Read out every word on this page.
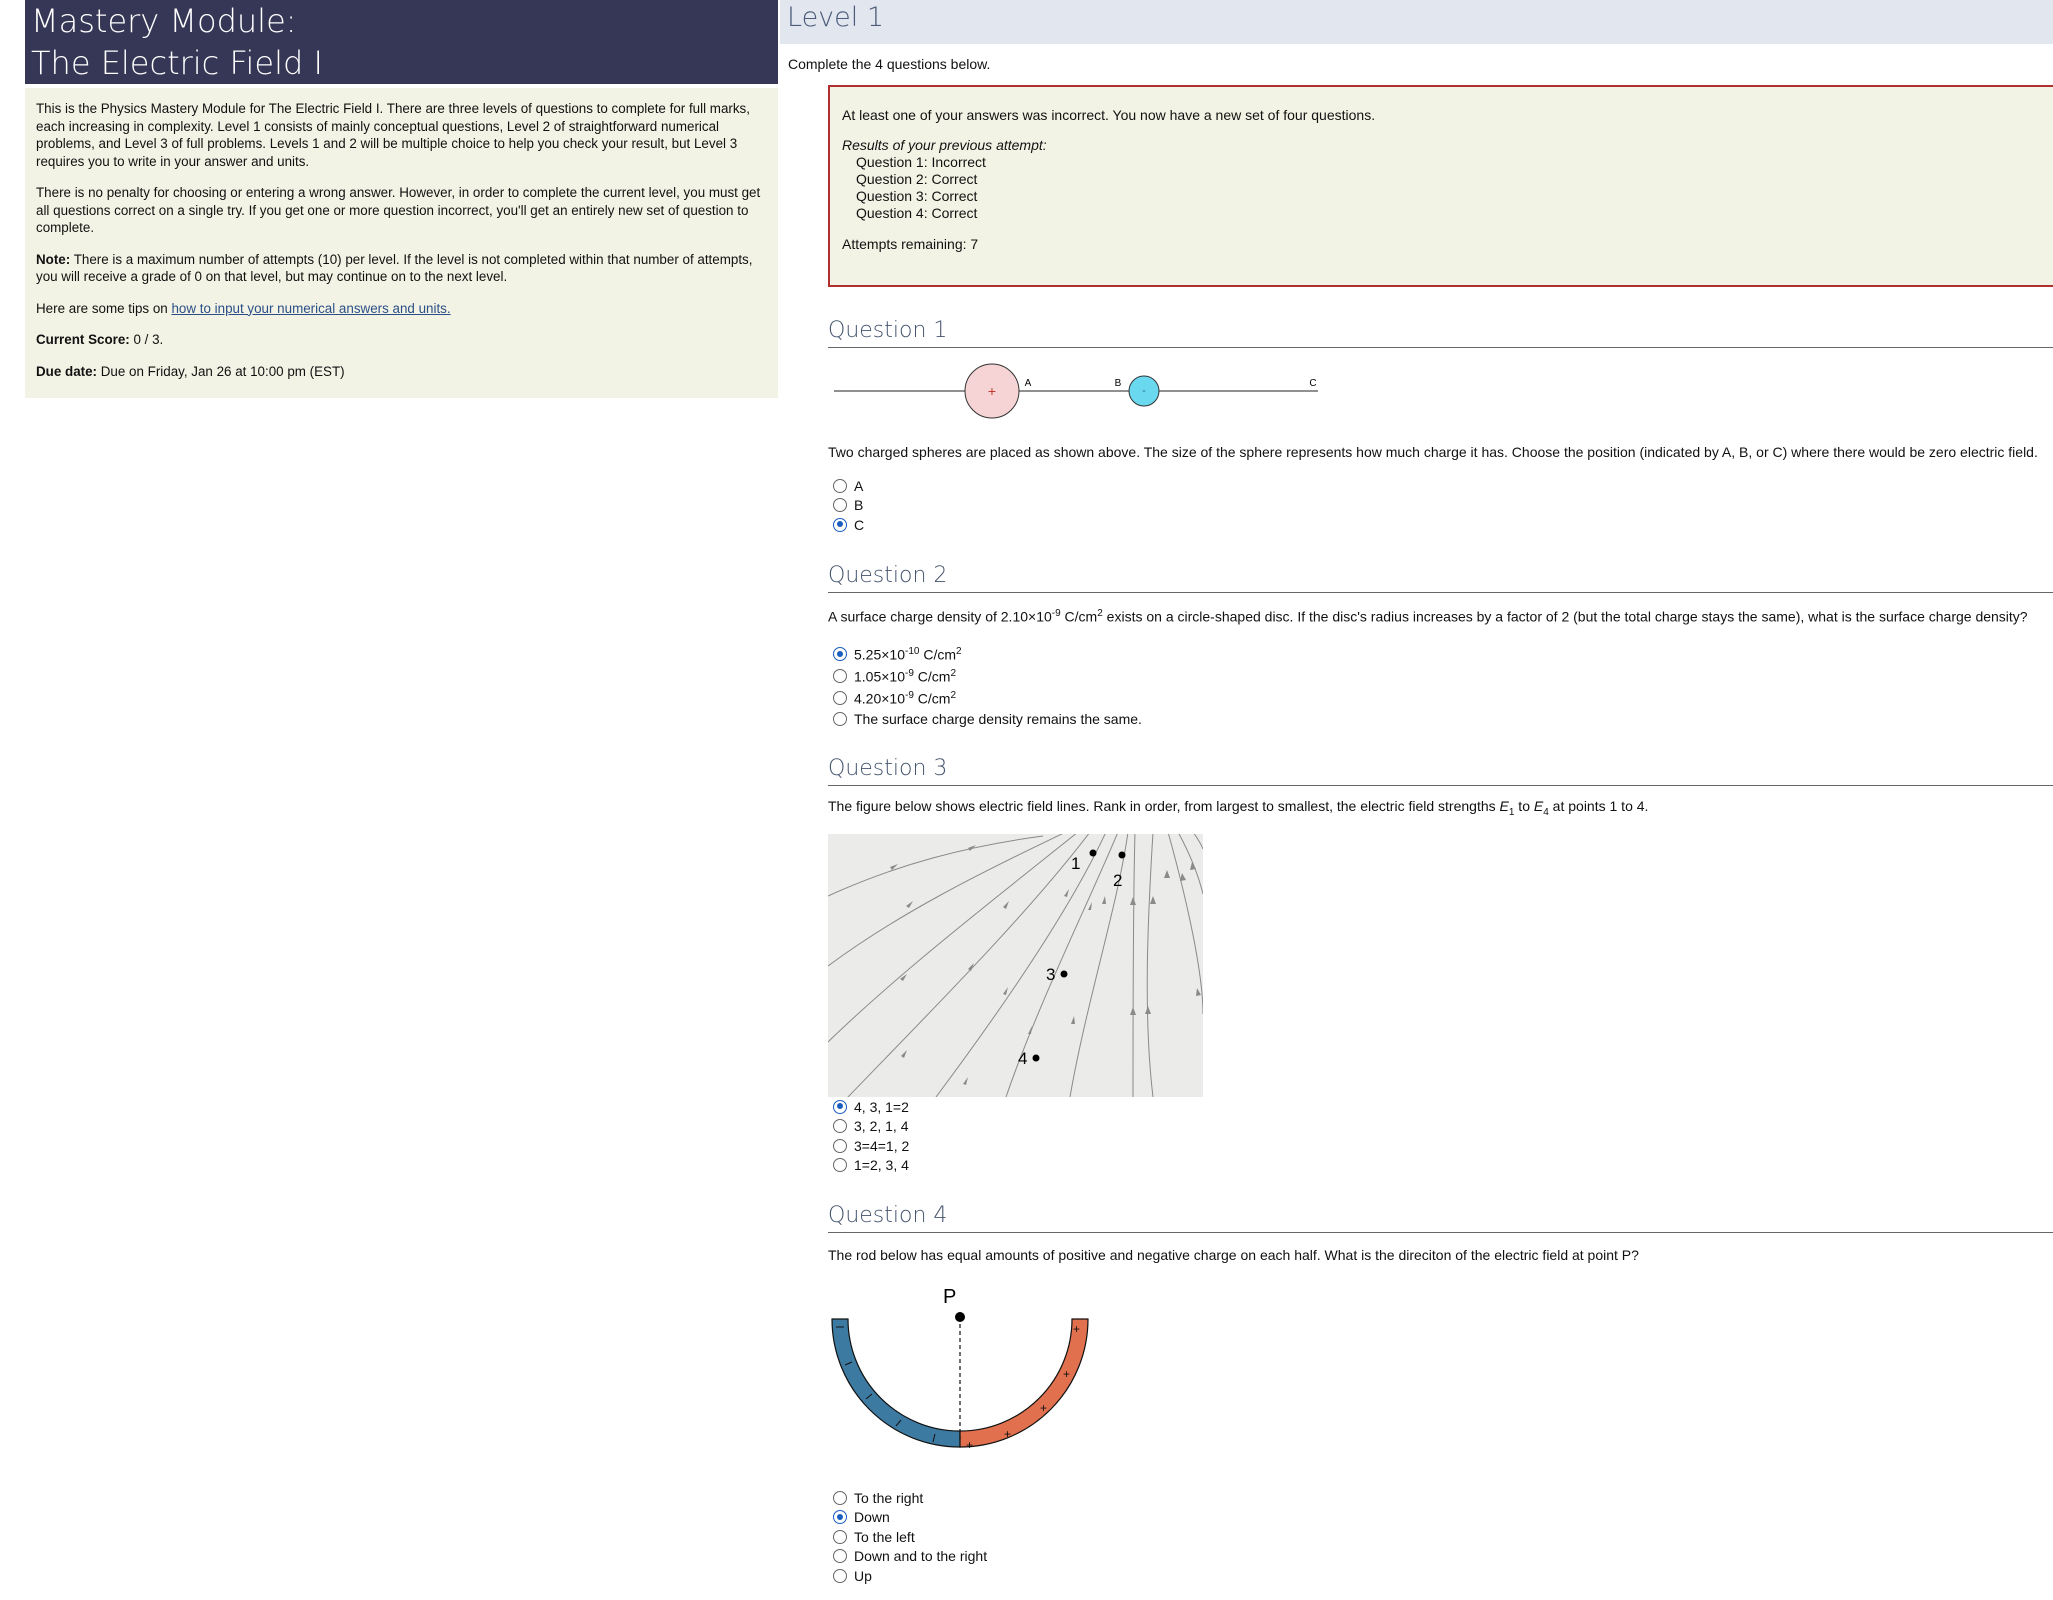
Mastery Module:
The Electric Field I

This is the Physics Mastery Module for The Electric Field I. There are three levels of questions to complete for full marks, each increasing in complexity. Level 1 consists of mainly conceptual questions, Level 2 of straightforward numerical problems, and Level 3 of full problems. Levels 1 and 2 will be multiple choice to help you check your result, but Level 3 requires you to write in your answer and units.

There is no penalty for choosing or entering a wrong answer. However, in order to complete the current level, you must get all questions correct on a single try. If you get one or more question incorrect, you'll get an entirely new set of question to complete.

Note: There is a maximum number of attempts (10) per level. If the level is not completed within that number of attempts, you will receive a grade of 0 on that level, but may continue on to the next level.

Here are some tips on how to input your numerical answers and units.

Current Score: 0 / 3.

Due date: Due on Friday, Jan 26 at 10:00 pm (EST)

Level 1
Complete the 4 questions below.
At least one of your answers was incorrect. You now have a new set of four questions.
Results of your previous attempt:
Question 1: Incorrect
Question 2: Correct
Question 3: Correct
Question 4: Correct
Attempts remaining: 7
Question 1
+	-
A	B	C
Two charged spheres are placed as shown above. The size of the sphere represents how much charge it has. Choose the position (indicated by A, B, or C) where there would be zero electric field.
A
B
C
Question 2
A surface charge density of $2.10\times 10^{-9}$ $C/cm^2$ exists on a circle-shaped disc. If the disc's radius increases by a factor of 2 (but the total charge stays the same), what is the surface charge density?
$5.25\times 10^{-10}$ $C/cm^2$
$1.05\times 10^{-9}$ $C/cm^2$
$4.20\times 10^{-9}$ $C/cm^2$
The surface charge density remains the same.
Question 3
The figure below shows electric field lines. Rank in order, from largest to smallest, the electric field strengths $E_1$ to $E_4$ at points 1 to 4.
1
2
3
4
4, 3, 1=2
3, 2, 1, 4
3=4=1, 2
1=2, 3, 4
Question 4
The rod below has equal amounts of positive and negative charge on each half. What is the direciton of the electric field at point P?
+
+
+
+
+
P
To the right
Down
To the left
Down and to the right
Up
